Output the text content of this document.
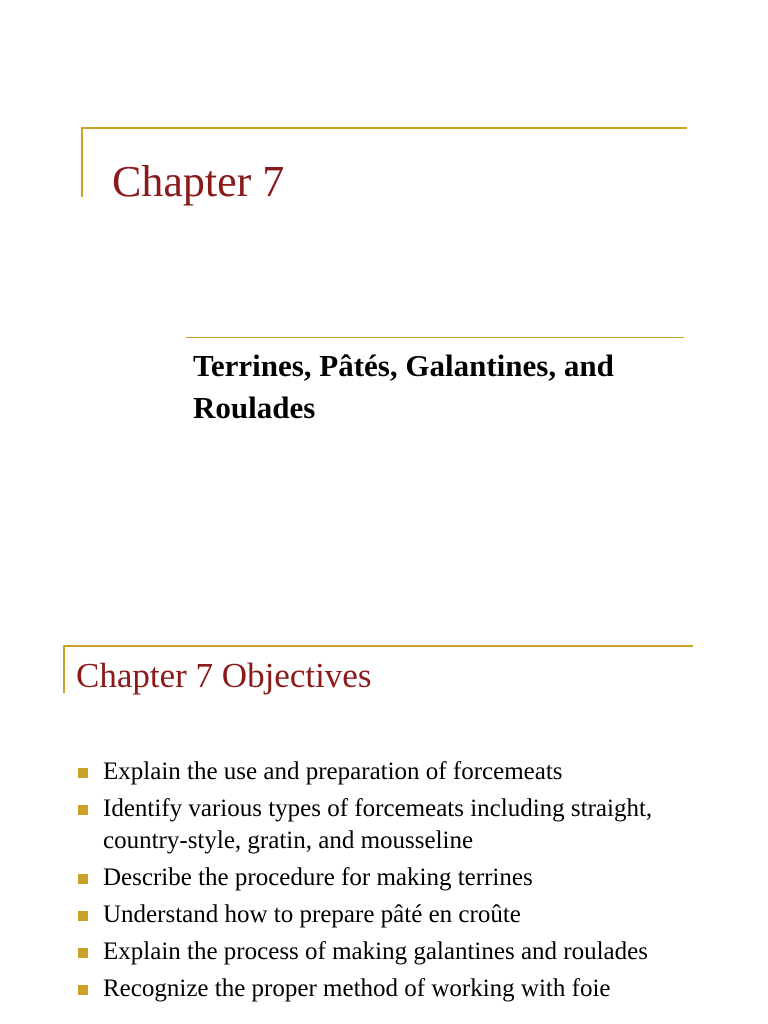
Chapter 7
Terrines, Pâtés, Galantines, and Roulades
Chapter 7 Objectives
Explain the use and preparation of forcemeats
Identify various types of forcemeats including straight, country-style, gratin, and mousseline
Describe the procedure for making terrines
Understand how to prepare pâté en croûte
Explain the process of making galantines and roulades
Recognize the proper method of working with foie
